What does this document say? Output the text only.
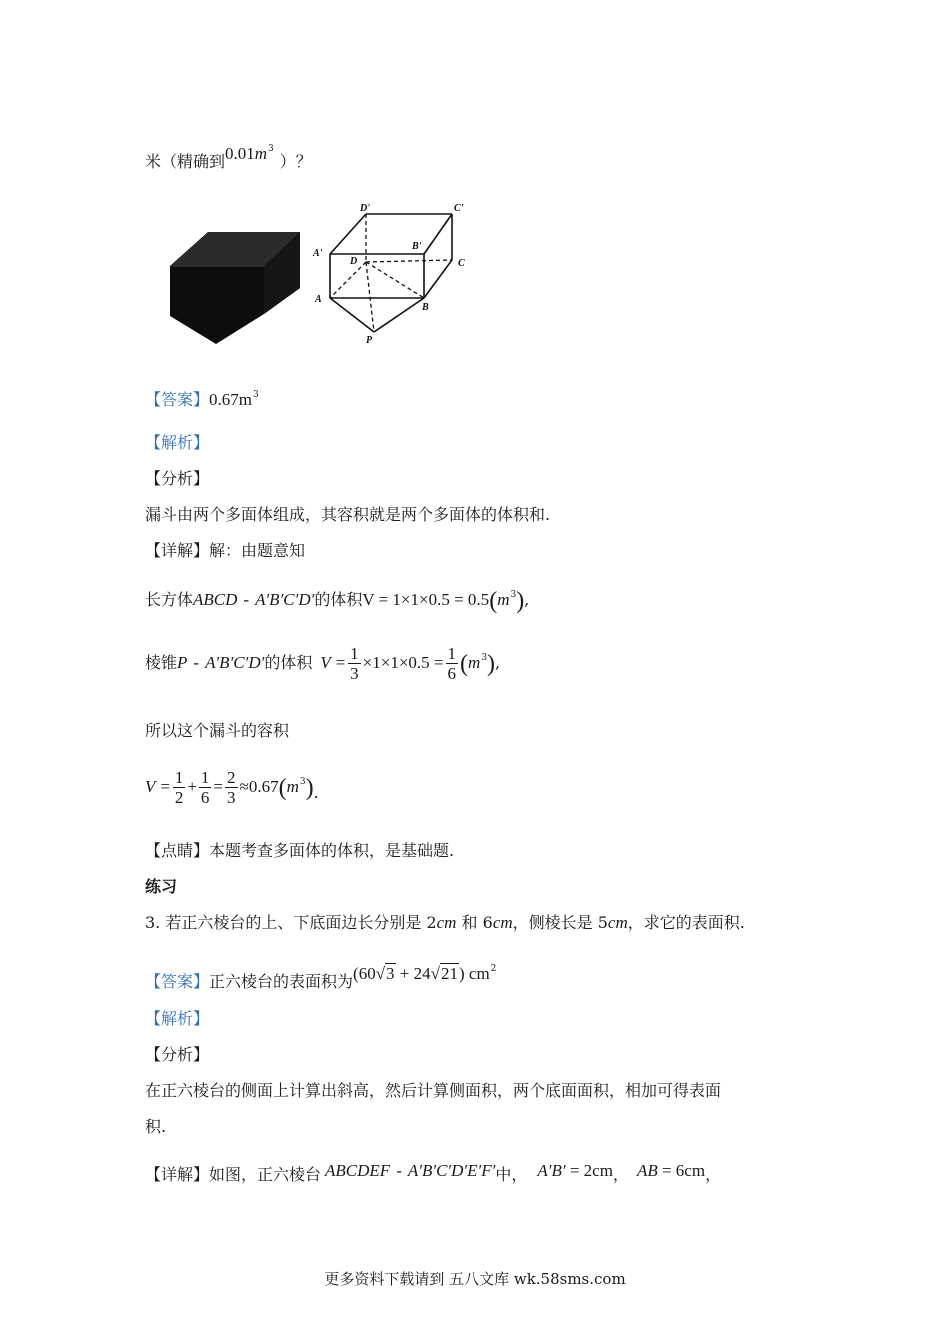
米（精确到$0.01m^3$）？
D'	C'
A'
B'
D	C
A
B
P
【答案】$0.67m^3$
【解析】
【分析】
漏斗由两个多面体组成，其容积就是两个多面体的体积和.
【详解】解：由题意知
长方体ABCD - A′B′C′D′的体积$V = 1\times 1\times 0.5 = 0.5(m^3)$,
棱锥P - A′B′C′D′的体积 $V = \frac{1}{3} \times 1\times 1\times 0.5 = \frac{1}{6} (m^3)$,
所以这个漏斗的容积
$V = \frac{1}{2} + \frac{1}{6} = \frac{2}{3} \approx 0.67(m^3)$.
【点睛】本题考查多面体的体积，是基础题.
练习
3. 若正六棱台的上、下底面边长分别是 2cm 和 6cm，侧棱长是 5cm，求它的表面积.
【答案】正六棱台的表面积为(60√3 + 24√21) $cm^2$
【解析】
【分析】
在正六棱台的侧面上计算出斜高，然后计算侧面积，两个底面面积，相加可得表面
积.
【详解】如图，正六棱台 ABCDEF - A′B′C′D′E′F′中， A′B′ = 2cm， AB = 6cm，
更多资料下载请到 五八文库 wk.58sms.com
